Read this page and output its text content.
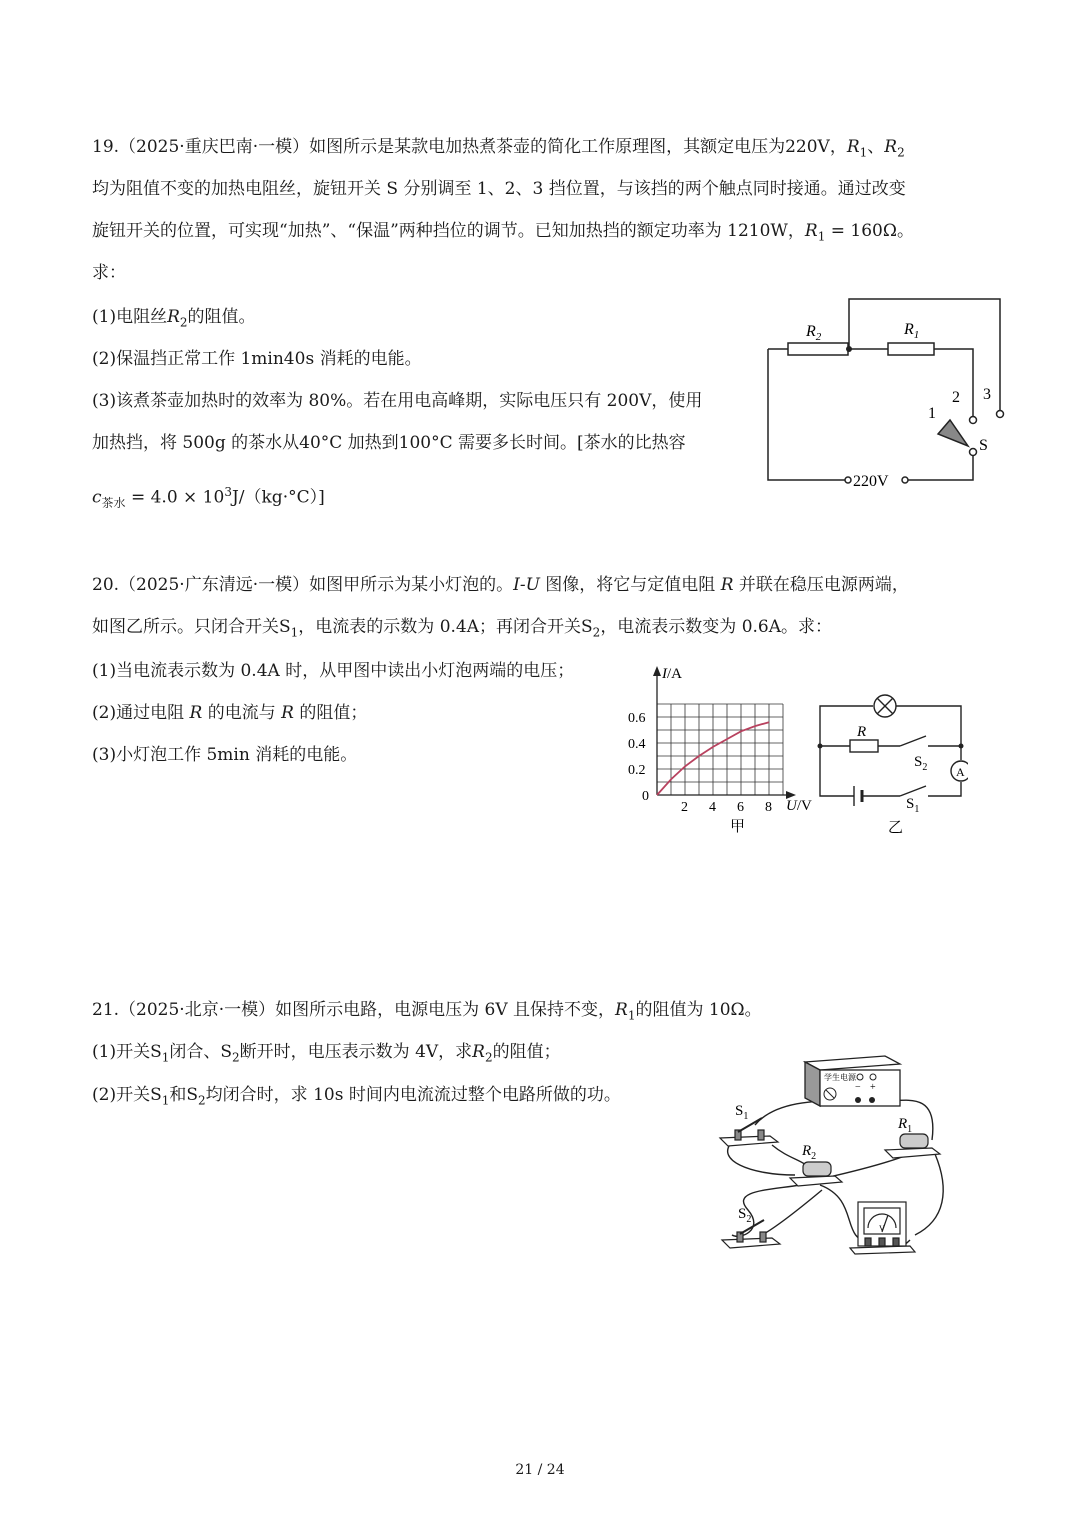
19.（2025·重庆巴南·一模）如图所示是某款电加热煮茶壶的简化工作原理图，其额定电压为220V，$R_1$、$R_2$
均为阻值不变的加热电阻丝，旋钮开关 S 分别调至 1、2、3 挡位置，与该挡的两个触点同时接通。通过改变
旋钮开关的位置，可实现“加热”、“保温”两种挡位的调节。已知加热挡的额定功率为 1210W，$R_1 = 160\Omega$。
求：
(1)电阻丝$R_2$的阻值。
(2)保温挡正常工作 1min40s 消耗的电能。
(3)该煮茶壶加热时的效率为 80%。若在用电高峰期，实际电压只有 200V，使用
加热挡，将 500g 的茶水从40°C 加热到100°C 需要多长时间。[茶水的比热容
$c_{茶水} = 4.0 \times 10^3J/(kg\cdot^\circ C)$]
$R_2$	$R_1$
1
2 3
S
220V
20.（2025·广东清远·一模）如图甲所示为某小灯泡的。I-U 图像，将它与定值电阻 R 并联在稳压电源两端，
如图乙所示。只闭合开关$S_1$，电流表的示数为 0.4A；再闭合开关$S_2$，电流表示数变为 0.6A。求：
(1)当电流表示数为 0.4A 时，从甲图中读出小灯泡两端的电压；
(2)通过电阻 R 的电流与 R 的阻值；
(3)小灯泡工作 5min 消耗的电能。
I/A
U/V
0.2
0.4
0.6
2 4 6 8
0
甲
A
R
$S_2$
$S_1$
乙
21.（2025·北京·一模）如图所示电路，电源电压为 6V 且保持不变，$R_1$的阻值为 10Ω。
(1)开关$S_1$闭合、$S_2$断开时，电压表示数为 4V，求$R_2$的阻值；
(2)开关$S_1$和$S_2$均闭合时，求 10s 时间内电流流过整个电路所做的功。
学生电源
− +
$S_1$	$R_1$
$R_2$
$S_2$
V
21 / 24
